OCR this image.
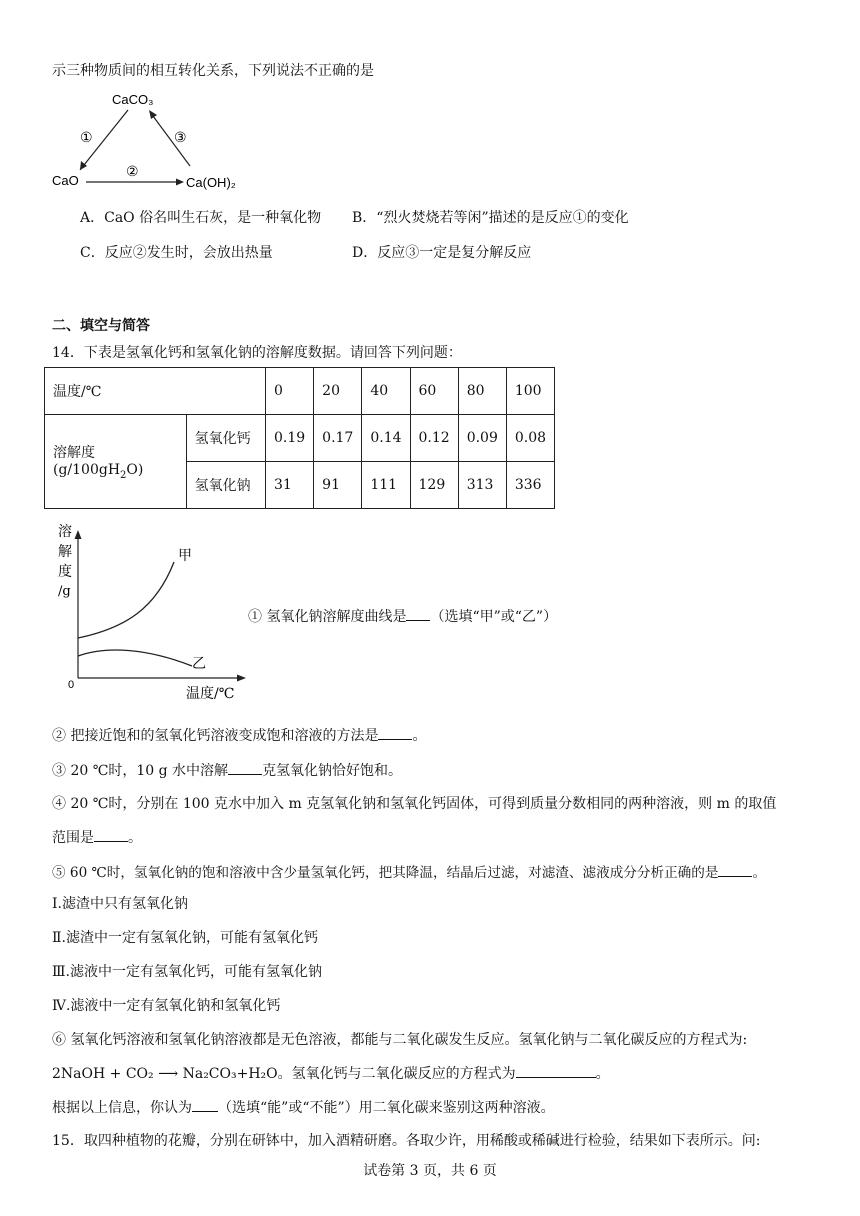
示三种物质间的相互转化关系，下列说法不正确的是
CaCO₃
CaO	Ca(OH)₂
①
②
③
A．CaO 俗名叫生石灰，是一种氧化物 B．“烈火焚烧若等闲”描述的是反应①的变化
C．反应②发生时，会放出热量	D．反应③一定是复分解反应
二、填空与简答
14．下表是氢氧化钙和氢氧化钠的溶解度数据。请回答下列问题：
温度/℃		0	20	40	60	80	100
溶解度$(g/100gH_2O)$	氢氧化钙	0.19	0.17	0.14	0.12	0.09	0.08
	氢氧化钠	31	91	111	129	313	336
溶
解
度
/g
0
温度/℃
甲
乙
① 氢氧化钠溶解度曲线是 （选填“甲”或“乙”）
② 把接近饱和的氢氧化钙溶液变成饱和溶液的方法是 。
③ 20 ℃时，10 g 水中溶解 克氢氧化钠恰好饱和。
④ 20 ℃时，分别在 100 克水中加入 m 克氢氧化钠和氢氧化钙固体，可得到质量分数相同的两种溶液，则 m 的取值
范围是 。
⑤ 60 ℃时，氢氧化钠的饱和溶液中含少量氢氧化钙，把其降温，结晶后过滤，对滤渣、滤液成分分析正确的是	。
Ⅰ.滤渣中只有氢氧化钠
Ⅱ.滤渣中一定有氢氧化钠，可能有氢氧化钙
Ⅲ.滤液中一定有氢氧化钙，可能有氢氧化钠
Ⅳ.滤液中一定有氢氧化钠和氢氧化钙
⑥ 氢氧化钙溶液和氢氧化钠溶液都是无色溶液，都能与二氧化碳发生反应。氢氧化钠与二氧化碳反应的方程式为:
2NaOH + CO₂ ⟶ Na₂CO₃+H₂O。氢氧化钙与二氧化碳反应的方程式为	。
根据以上信息，你认为 （选填“能”或“不能”）用二氧化碳来鉴别这两种溶液。
15．取四种植物的花瓣，分别在研钵中，加入酒精研磨。各取少许，用稀酸或稀碱进行检验，结果如下表所示。问:
试卷第 3 页，共 6 页
